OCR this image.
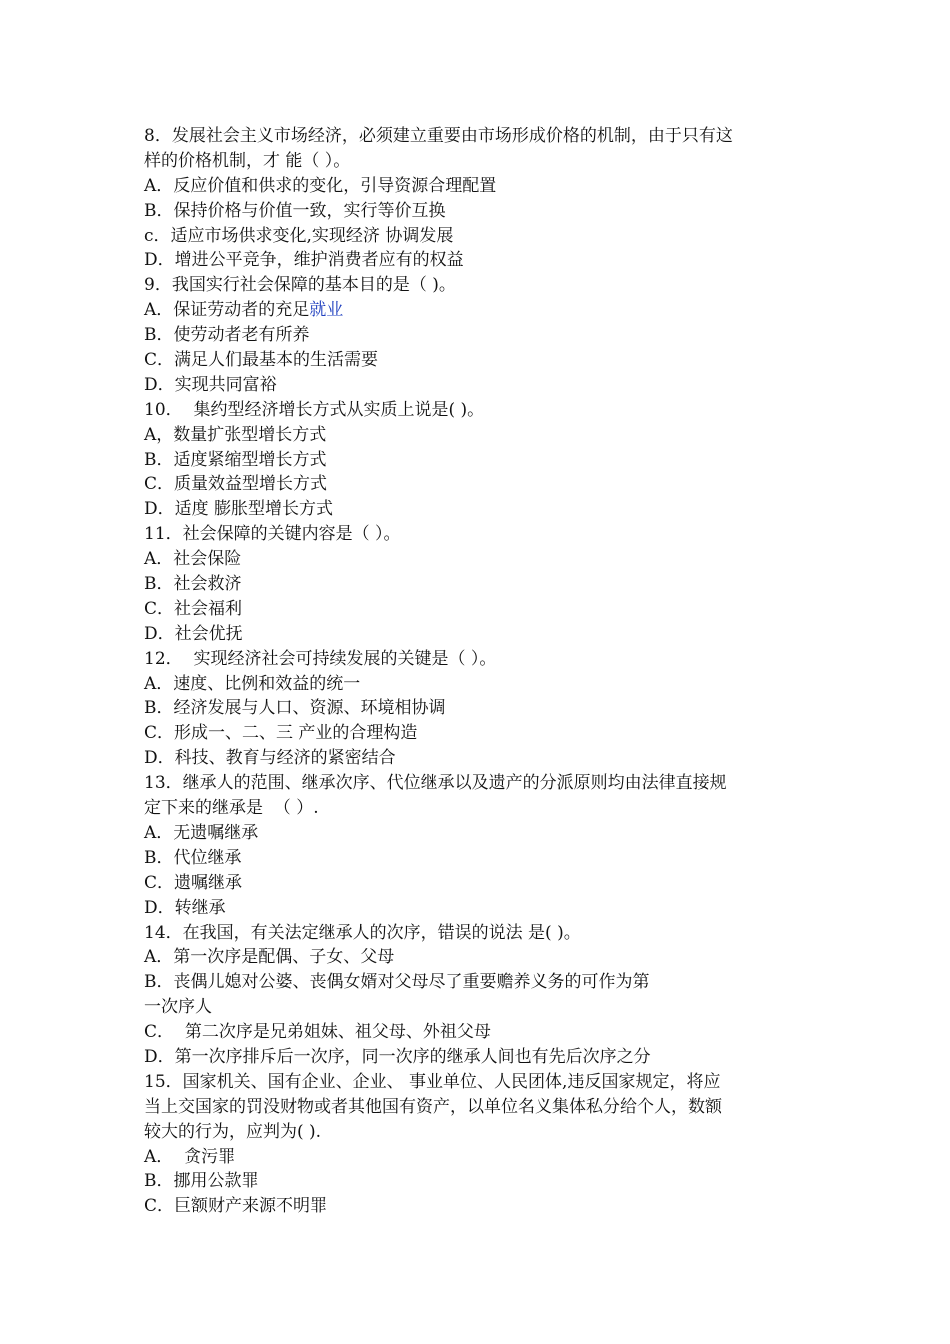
8．发展社会主义市场经济，必须建立重要由市场形成价格的机制，由于只有这
样的价格机制，才 能（ ）。
A．反应价值和供求的变化，引导资源合理配置
B．保持价格与价值一致，实行等价互换
c．适应市场供求变化,实现经济 协调发展
D．增进公平竞争，维护消费者应有的权益
9．我国实行社会保障的基本目的是（ )。
A．保证劳动者的充足就业
B．使劳动者老有所养
C．满足人们最基本的生活需要
D．实现共同富裕
10．  集约型经济增长方式从实质上说是( )。
A，数量扩张型增长方式
B．适度紧缩型增长方式
C．质量效益型增长方式
D．适度 膨胀型增长方式
11．社会保障的关键内容是（ ）。
A．社会保险
B．社会救济
C．社会福利
D．社会优抚
12．  实现经济社会可持续发展的关键是（ ）。
A．速度、比例和效益的统一
B．经济发展与人口、资源、环境相协调
C．形成一、二、三 产业的合理构造
D．科技、教育与经济的紧密结合
13．继承人的范围、继承次序、代位继承以及遗产的分派原则均由法律直接规
定下来的继承是  （ ）.
A．无遗嘱继承
B．代位继承
C．遗嘱继承
D．转继承
14．在我国，有关法定继承人的次序，错误的说法 是( )。
A．第一次序是配偶、子女、父母
B．丧偶儿媳对公婆、丧偶女婿对父母尽了重要赡养义务的可作为第
一次序人
C．  第二次序是兄弟姐妹、祖父母、外祖父母
D．第一次序排斥后一次序，同一次序的继承人间也有先后次序之分
15．国家机关、国有企业、企业、 事业单位、人民团体,违反国家规定，将应
当上交国家的罚没财物或者其他国有资产，以单位名义集体私分给个人，数额
较大的行为，应判为( ).
A．  贪污罪
B．挪用公款罪
C．巨额财产来源不明罪
